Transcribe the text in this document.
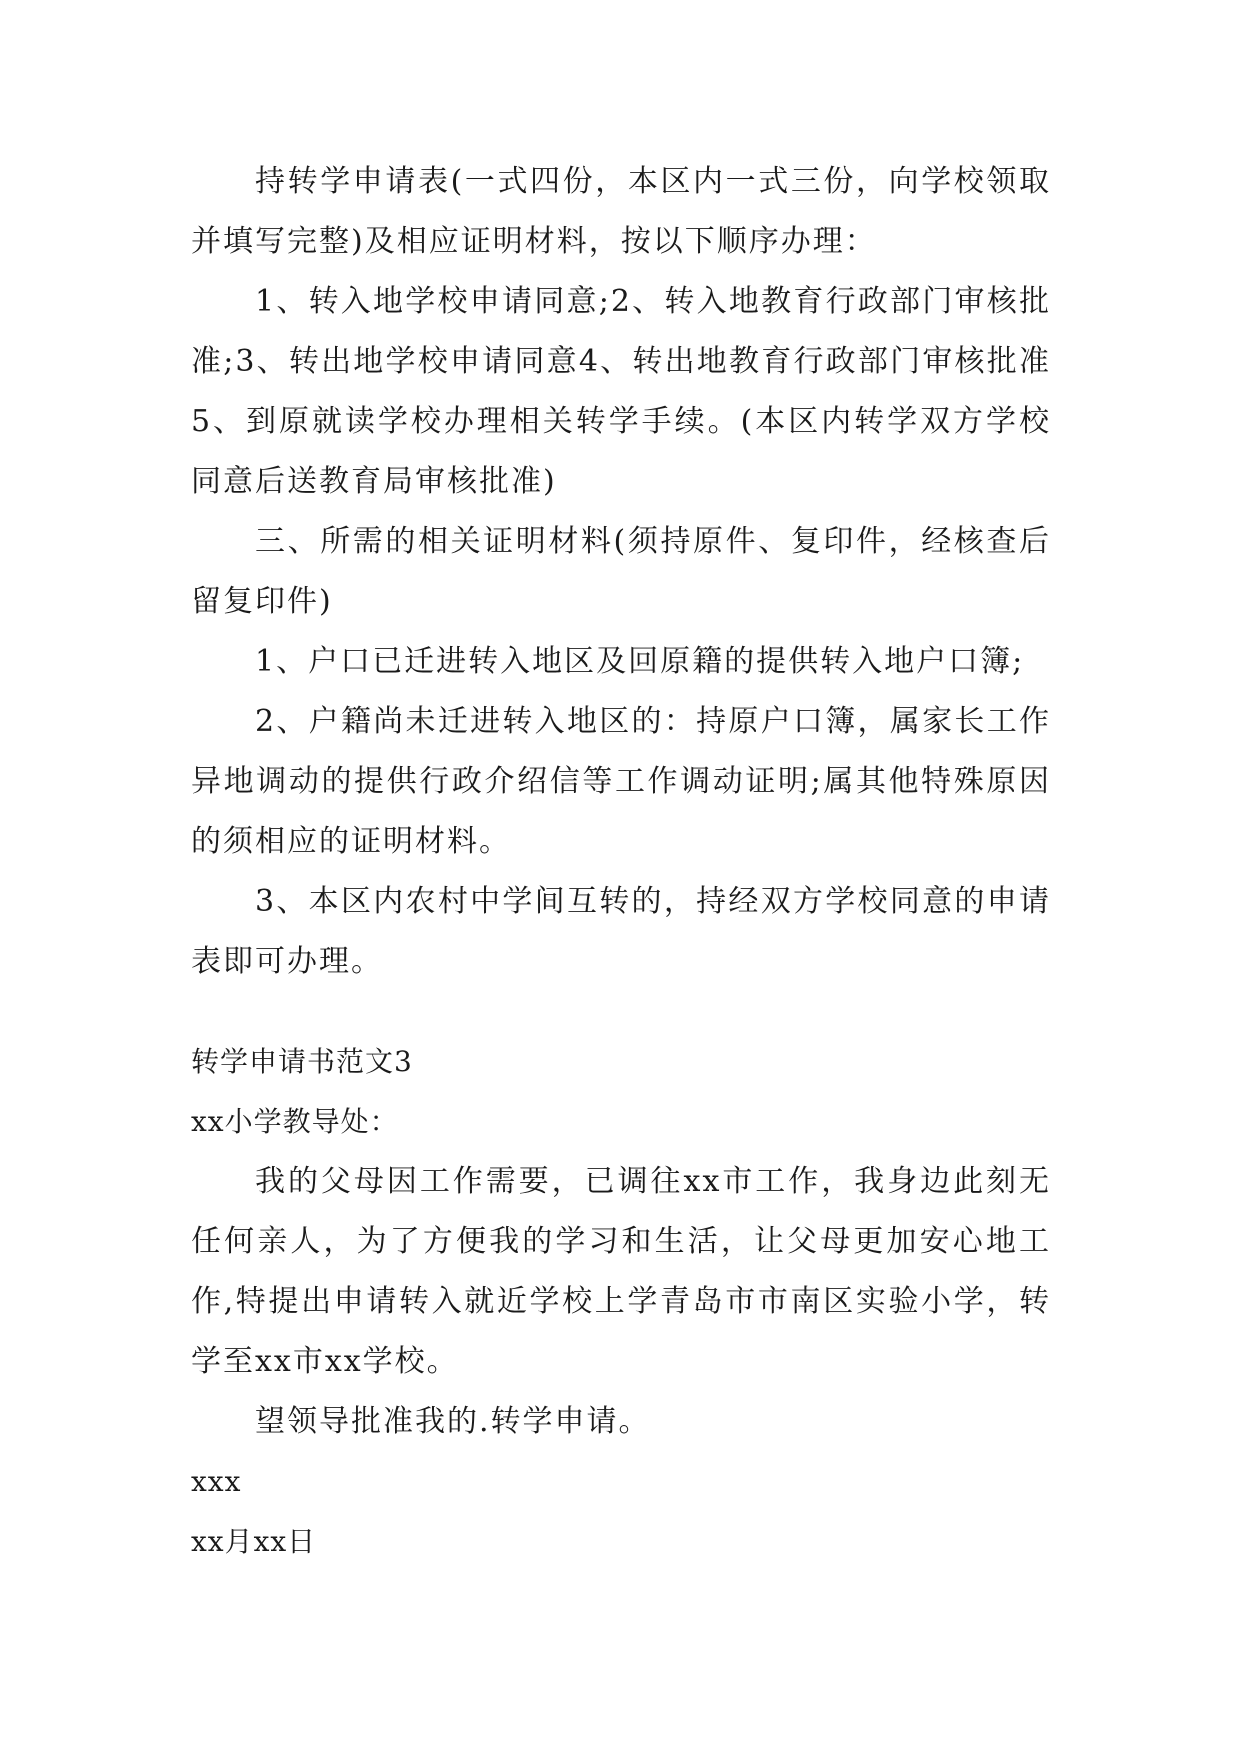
持转学申请表(一式四份，本区内一式三份，向学校领取并填写完整)及相应证明材料，按以下顺序办理：

1、转入地学校申请同意;2、转入地教育行政部门审核批准;3、转出地学校申请同意4、转出地教育行政部门审核批准5、到原就读学校办理相关转学手续。(本区内转学双方学校同意后送教育局审核批准)

三、所需的相关证明材料(须持原件、复印件，经核查后留复印件)

1、户口已迁进转入地区及回原籍的提供转入地户口簿;

2、户籍尚未迁进转入地区的：持原户口簿，属家长工作异地调动的提供行政介绍信等工作调动证明;属其他特殊原因的须相应的证明材料。

3、本区内农村中学间互转的，持经双方学校同意的申请表即可办理。

转学申请书范文3

xx小学教导处：

我的父母因工作需要，已调往xx市工作，我身边此刻无任何亲人，为了方便我的学习和生活，让父母更加安心地工作,特提出申请转入就近学校上学青岛市市南区实验小学，转学至xx市xx学校。

望领导批准我的.转学申请。

xxx

xx月xx日
